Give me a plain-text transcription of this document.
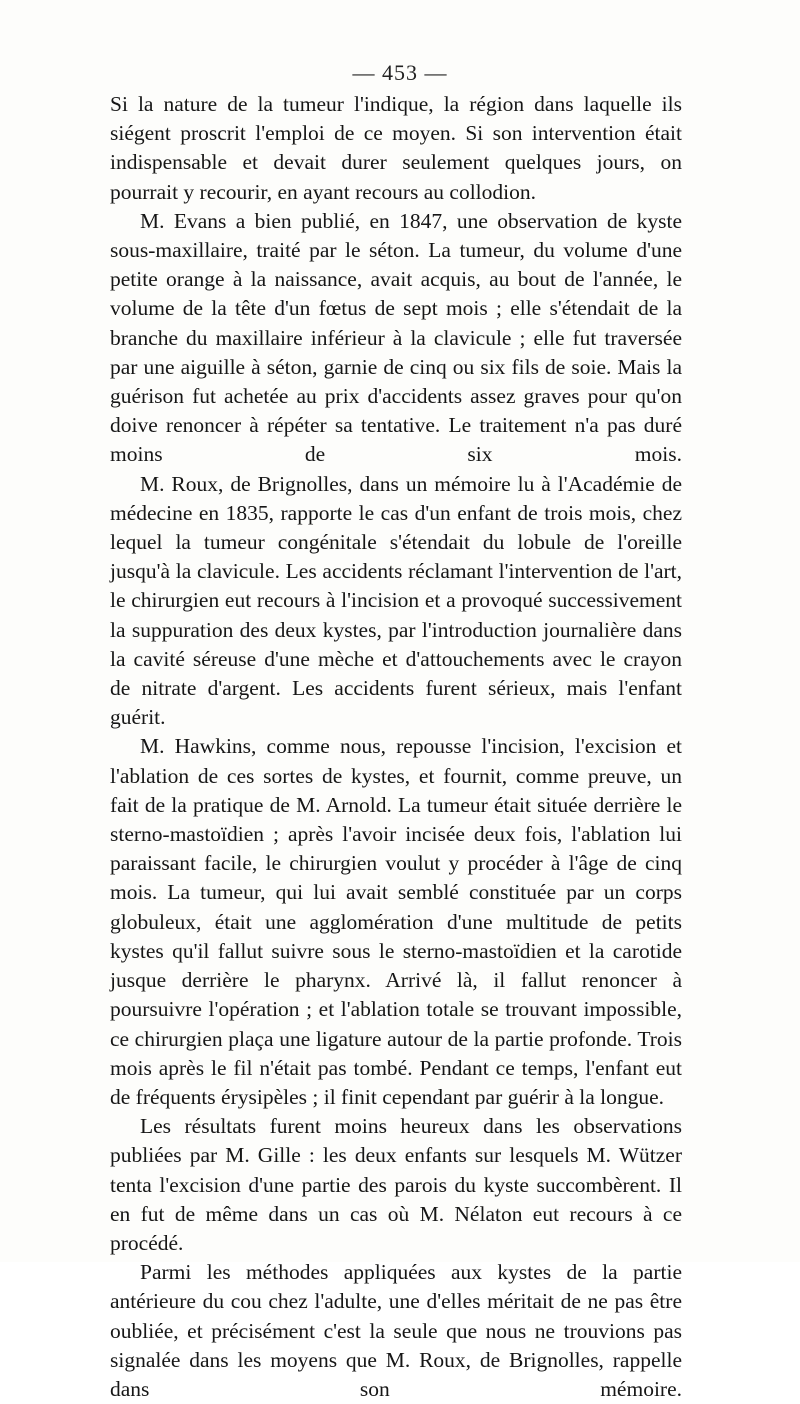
— 453 —

Si la nature de la tumeur l'indique, la région dans laquelle ils siégent proscrit l'emploi de ce moyen. Si son intervention était indispensable et devait durer seulement quelques jours, on pourrait y recourir, en ayant recours au collodion.

M. Evans a bien publié, en 1847, une observation de kyste sous-maxillaire, traité par le séton. La tumeur, du volume d'une petite orange à la naissance, avait acquis, au bout de l'année, le volume de la tête d'un fœtus de sept mois ; elle s'étendait de la branche du maxillaire inférieur à la clavicule ; elle fut traversée par une aiguille à séton, garnie de cinq ou six fils de soie. Mais la guérison fut achetée au prix d'accidents assez graves pour qu'on doive renoncer à répéter sa tentative. Le traitement n'a pas duré moins de six mois.

M. Roux, de Brignolles, dans un mémoire lu à l'Académie de médecine en 1835, rapporte le cas d'un enfant de trois mois, chez lequel la tumeur congénitale s'étendait du lobule de l'oreille jusqu'à la clavicule. Les accidents réclamant l'intervention de l'art, le chirurgien eut recours à l'incision et a provoqué successivement la suppuration des deux kystes, par l'introduction journalière dans la cavité séreuse d'une mèche et d'attouchements avec le crayon de nitrate d'argent. Les accidents furent sérieux, mais l'enfant guérit.

M. Hawkins, comme nous, repousse l'incision, l'excision et l'ablation de ces sortes de kystes, et fournit, comme preuve, un fait de la pratique de M. Arnold. La tumeur était située derrière le sterno-mastoïdien ; après l'avoir incisée deux fois, l'ablation lui paraissant facile, le chirurgien voulut y procéder à l'âge de cinq mois. La tumeur, qui lui avait semblé constituée par un corps globuleux, était une agglomération d'une multitude de petits kystes qu'il fallut suivre sous le sterno-mastoïdien et la carotide jusque derrière le pharynx. Arrivé là, il fallut renoncer à poursuivre l'opération ; et l'ablation totale se trouvant impossible, ce chirurgien plaça une ligature autour de la partie profonde. Trois mois après le fil n'était pas tombé. Pendant ce temps, l'enfant eut de fréquents érysipèles ; il finit cependant par guérir à la longue.

Les résultats furent moins heureux dans les observations publiées par M. Gille : les deux enfants sur lesquels M. Wützer tenta l'excision d'une partie des parois du kyste succombèrent. Il en fut de même dans un cas où M. Nélaton eut recours à ce procédé.

Parmi les méthodes appliquées aux kystes de la partie antérieure du cou chez l'adulte, une d'elles méritait de ne pas être oubliée, et précisément c'est la seule que nous ne trouvions pas signalée dans les moyens que M. Roux, de Brignolles, rappelle dans son mémoire.
